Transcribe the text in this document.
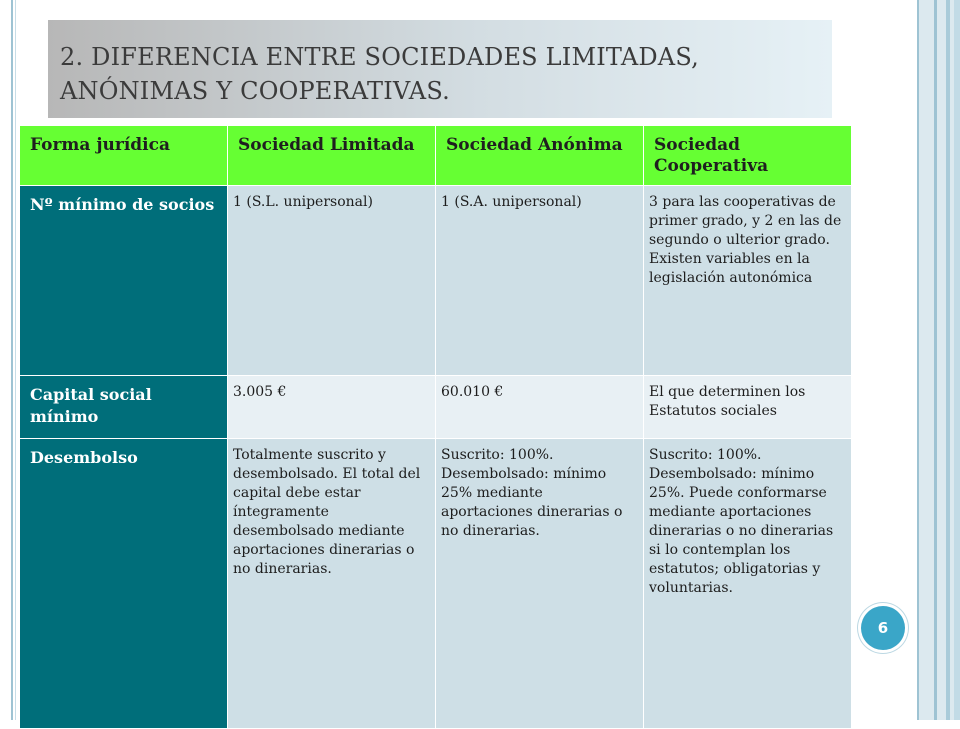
2. DIFERENCIA ENTRE SOCIEDADES LIMITADAS, ANÓNIMAS Y COOPERATIVAS.
Forma jurídica	Sociedad Limitada	Sociedad Anónima	Sociedad Cooperativa
Nº mínimo de socios	1 (S.L. unipersonal)	1 (S.A. unipersonal)	3 para las cooperativas de primer grado, y 2 en las de segundo o ulterior grado. Existen variables en la legislación autonómica
Capital social mínimo	3.005 €	60.010 €	El que determinen los Estatutos sociales
Desembolso	Totalmente suscrito y desembolsado. El total del capital debe estar íntegramente desembolsado mediante aportaciones dinerarias o no dinerarias.	Suscrito: 100%. Desembolsado: mínimo 25% mediante aportaciones dinerarias o no dinerarias.	Suscrito: 100%. Desembolsado: mínimo 25%. Puede conformarse mediante aportaciones dinerarias o no dinerarias si lo contemplan los estatutos; obligatorias y voluntarias.
6
